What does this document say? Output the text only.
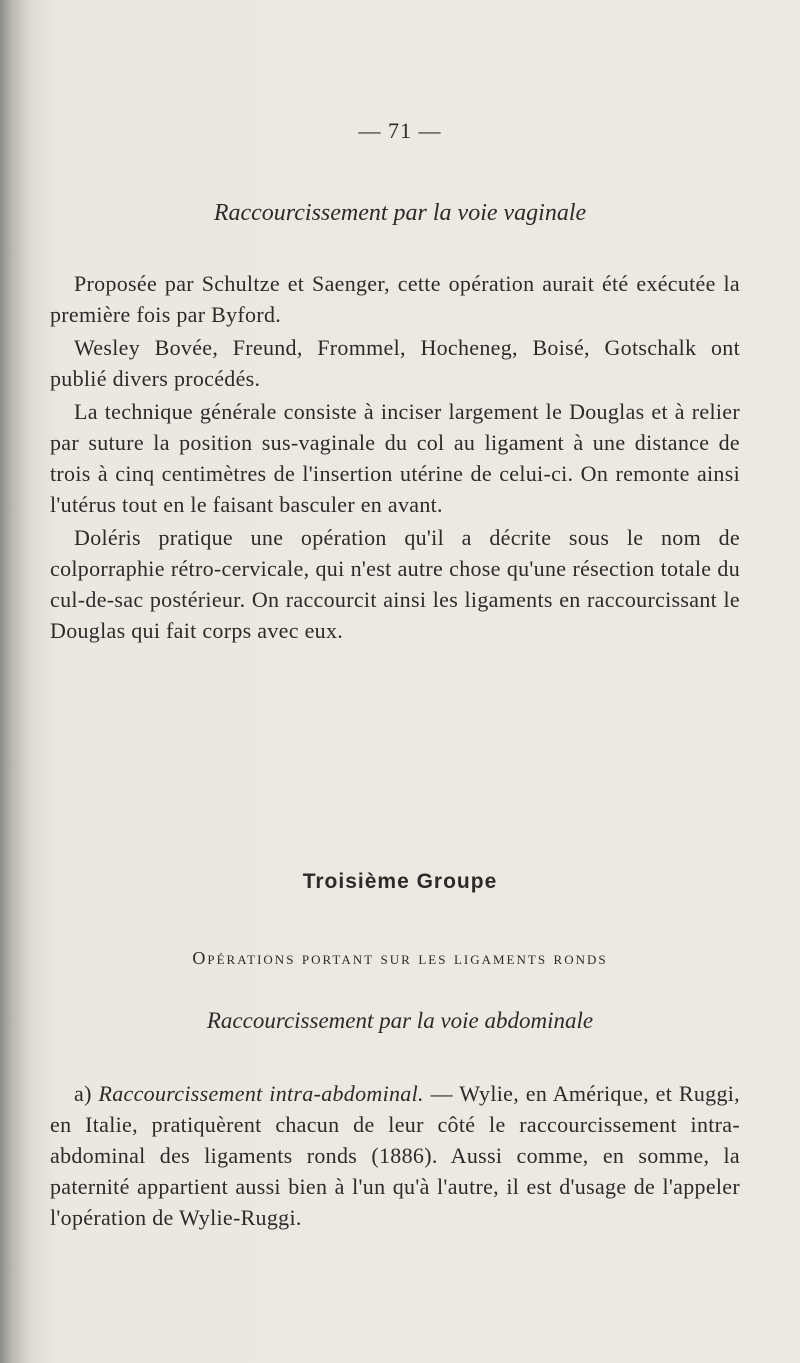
— 71 —
Raccourcissement par la voie vaginale

Proposée par Schultze et Saenger, cette opération aurait été exécutée la première fois par Byford.

Wesley Bovée, Freund, Frommel, Hocheneg, Boisé, Gotschalk ont publié divers procédés.

La technique générale consiste à inciser largement le Douglas et à relier par suture la position sus-vaginale du col au ligament à une distance de trois à cinq centimètres de l'insertion utérine de celui-ci. On remonte ainsi l'utérus tout en le faisant basculer en avant.

Doléris pratique une opération qu'il a décrite sous le nom de colporraphie rétro-cervicale, qui n'est autre chose qu'une résection totale du cul-de-sac postérieur. On raccourcit ainsi les ligaments en raccourcissant le Douglas qui fait corps avec eux.

Troisième Groupe
Opérations portant sur les ligaments ronds
Raccourcissement par la voie abdominale

a) Raccourcissement intra-abdominal. — Wylie, en Amérique, et Ruggi, en Italie, pratiquèrent chacun de leur côté le raccourcissement intra-abdominal des ligaments ronds (1886). Aussi comme, en somme, la paternité appartient aussi bien à l'un qu'à l'autre, il est d'usage de l'appeler l'opération de Wylie-Ruggi.
